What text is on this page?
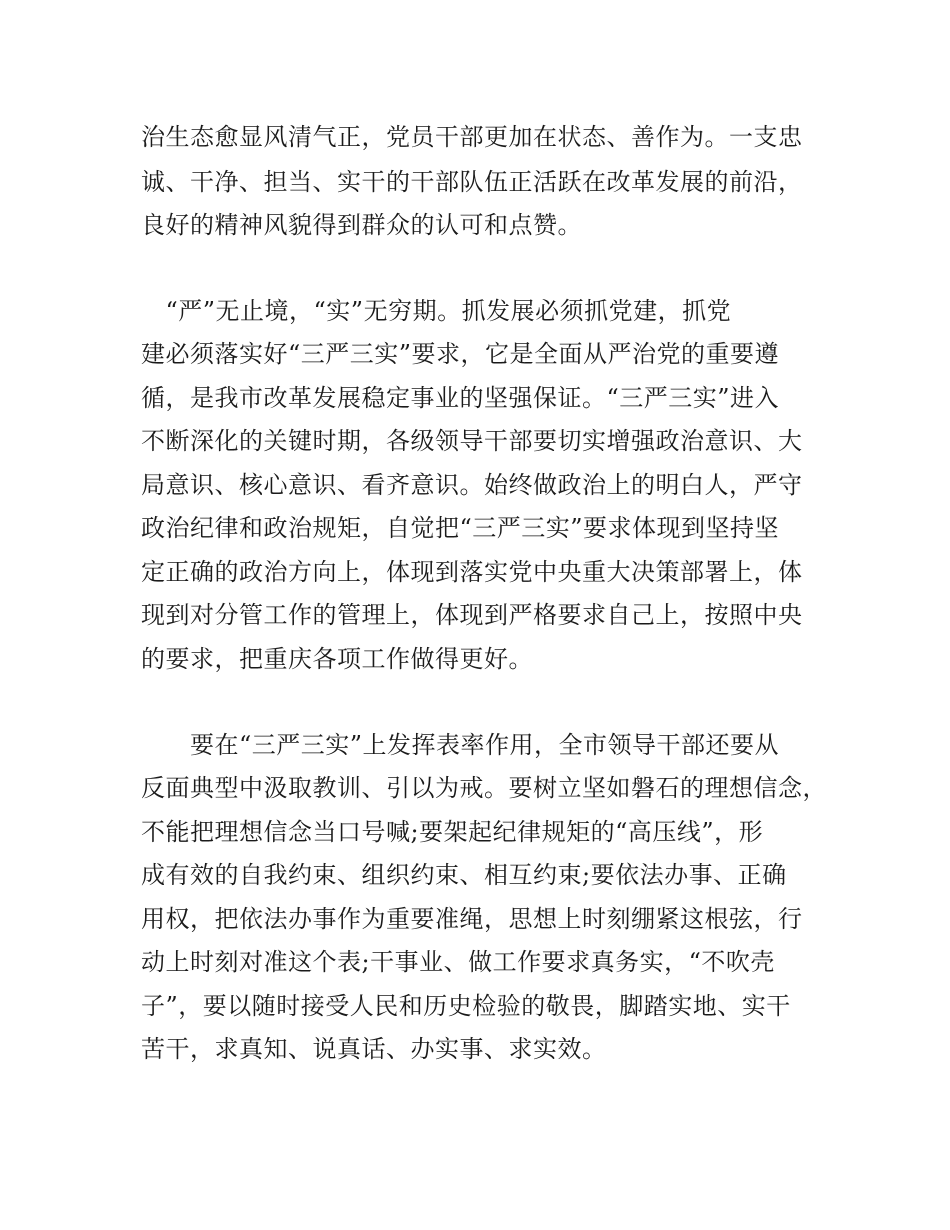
治生态愈显风清气正，党员干部更加在状态、善作为。一支忠
诚、干净、担当、实干的干部队伍正活跃在改革发展的前沿，
良好的精神风貌得到群众的认可和点赞。
　“严”无止境，“实”无穷期。抓发展必须抓党建，抓党
建必须落实好“三严三实”要求，它是全面从严治党的重要遵
循，是我市改革发展稳定事业的坚强保证。“三严三实”进入
不断深化的关键时期，各级领导干部要切实增强政治意识、大
局意识、核心意识、看齐意识。始终做政治上的明白人，严守
政治纪律和政治规矩，自觉把“三严三实”要求体现到坚持坚
定正确的政治方向上，体现到落实党中央重大决策部署上，体
现到对分管工作的管理上，体现到严格要求自己上，按照中央
的要求，把重庆各项工作做得更好。
　　要在“三严三实”上发挥表率作用，全市领导干部还要从
反面典型中汲取教训、引以为戒。要树立坚如磐石的理想信念，
不能把理想信念当口号喊;要架起纪律规矩的“高压线”，形
成有效的自我约束、组织约束、相互约束;要依法办事、正确
用权，把依法办事作为重要准绳，思想上时刻绷紧这根弦，行
动上时刻对准这个表;干事业、做工作要求真务实，“不吹壳
子”，要以随时接受人民和历史检验的敬畏，脚踏实地、实干
苦干，求真知、说真话、办实事、求实效。
